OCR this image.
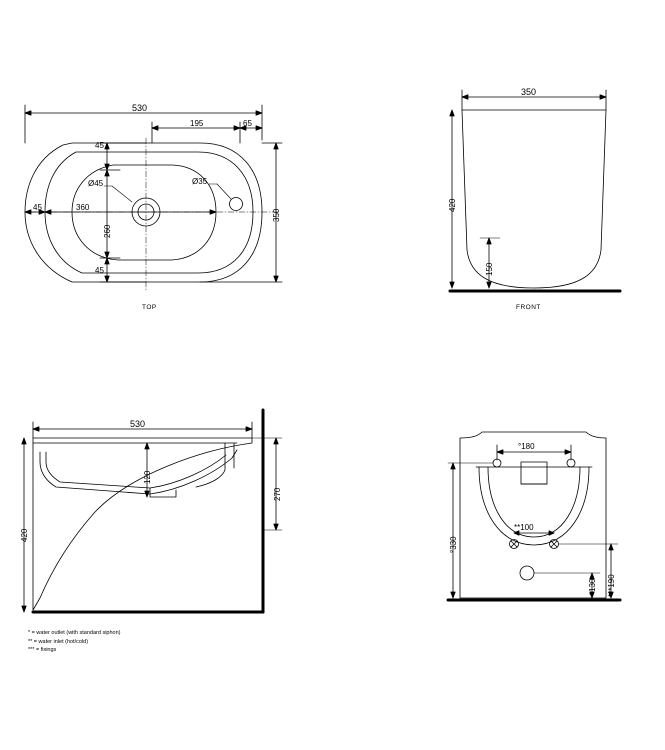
530
195	65
45
45
45	360
260
350
Ø45	Ø35
TOP
350
420
150
FRONT
530
120
420
270
°180
**100
°330
*130 ***190
* = water outlet (with standard siphon)
** = water inlet (hot/cold)
*** = fixings
